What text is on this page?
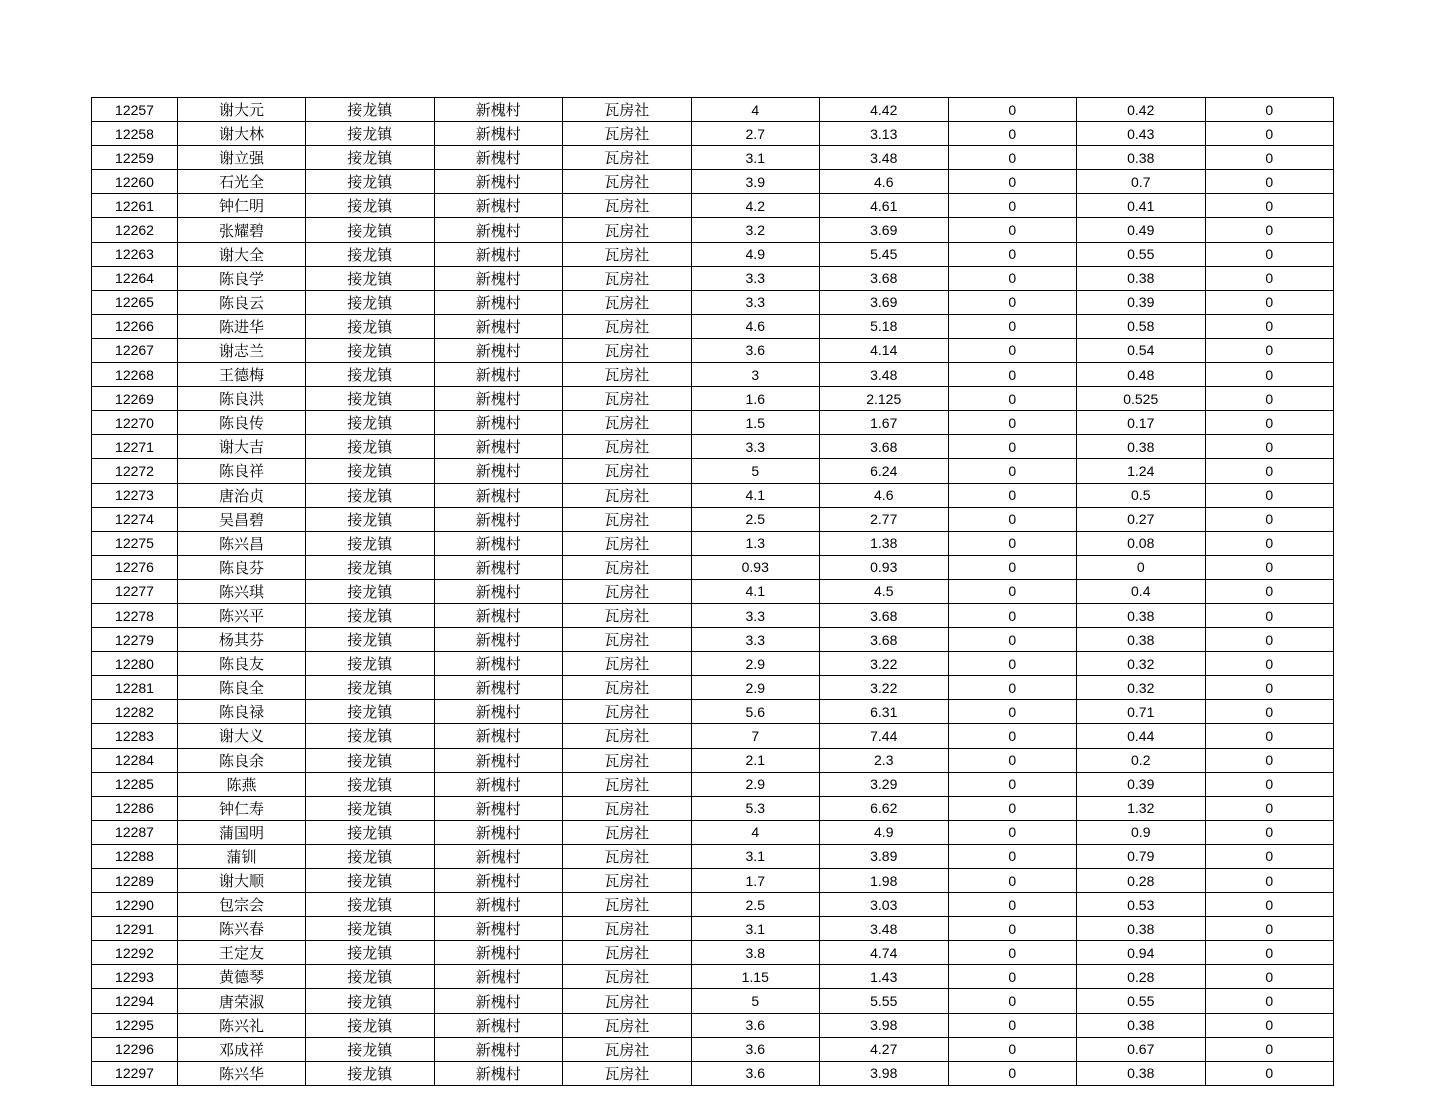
12257	谢大元	接龙镇	新槐村	瓦房社	4	4.42	0	0.42	0
12258	谢大林	接龙镇	新槐村	瓦房社	2.7	3.13	0	0.43	0
12259	谢立强	接龙镇	新槐村	瓦房社	3.1	3.48	0	0.38	0
12260	石光全	接龙镇	新槐村	瓦房社	3.9	4.6	0	0.7	0
12261	钟仁明	接龙镇	新槐村	瓦房社	4.2	4.61	0	0.41	0
12262	张耀碧	接龙镇	新槐村	瓦房社	3.2	3.69	0	0.49	0
12263	谢大全	接龙镇	新槐村	瓦房社	4.9	5.45	0	0.55	0
12264	陈良学	接龙镇	新槐村	瓦房社	3.3	3.68	0	0.38	0
12265	陈良云	接龙镇	新槐村	瓦房社	3.3	3.69	0	0.39	0
12266	陈进华	接龙镇	新槐村	瓦房社	4.6	5.18	0	0.58	0
12267	谢志兰	接龙镇	新槐村	瓦房社	3.6	4.14	0	0.54	0
12268	王德梅	接龙镇	新槐村	瓦房社	3	3.48	0	0.48	0
12269	陈良洪	接龙镇	新槐村	瓦房社	1.6	2.125	0	0.525	0
12270	陈良传	接龙镇	新槐村	瓦房社	1.5	1.67	0	0.17	0
12271	谢大吉	接龙镇	新槐村	瓦房社	3.3	3.68	0	0.38	0
12272	陈良祥	接龙镇	新槐村	瓦房社	5	6.24	0	1.24	0
12273	唐治贞	接龙镇	新槐村	瓦房社	4.1	4.6	0	0.5	0
12274	吴昌碧	接龙镇	新槐村	瓦房社	2.5	2.77	0	0.27	0
12275	陈兴昌	接龙镇	新槐村	瓦房社	1.3	1.38	0	0.08	0
12276	陈良芬	接龙镇	新槐村	瓦房社	0.93	0.93	0	0	0
12277	陈兴琪	接龙镇	新槐村	瓦房社	4.1	4.5	0	0.4	0
12278	陈兴平	接龙镇	新槐村	瓦房社	3.3	3.68	0	0.38	0
12279	杨其芬	接龙镇	新槐村	瓦房社	3.3	3.68	0	0.38	0
12280	陈良友	接龙镇	新槐村	瓦房社	2.9	3.22	0	0.32	0
12281	陈良全	接龙镇	新槐村	瓦房社	2.9	3.22	0	0.32	0
12282	陈良禄	接龙镇	新槐村	瓦房社	5.6	6.31	0	0.71	0
12283	谢大义	接龙镇	新槐村	瓦房社	7	7.44	0	0.44	0
12284	陈良余	接龙镇	新槐村	瓦房社	2.1	2.3	0	0.2	0
12285	陈燕	接龙镇	新槐村	瓦房社	2.9	3.29	0	0.39	0
12286	钟仁寿	接龙镇	新槐村	瓦房社	5.3	6.62	0	1.32	0
12287	蒲国明	接龙镇	新槐村	瓦房社	4	4.9	0	0.9	0
12288	蒲钏	接龙镇	新槐村	瓦房社	3.1	3.89	0	0.79	0
12289	谢大顺	接龙镇	新槐村	瓦房社	1.7	1.98	0	0.28	0
12290	包宗会	接龙镇	新槐村	瓦房社	2.5	3.03	0	0.53	0
12291	陈兴春	接龙镇	新槐村	瓦房社	3.1	3.48	0	0.38	0
12292	王定友	接龙镇	新槐村	瓦房社	3.8	4.74	0	0.94	0
12293	黄德琴	接龙镇	新槐村	瓦房社	1.15	1.43	0	0.28	0
12294	唐荣淑	接龙镇	新槐村	瓦房社	5	5.55	0	0.55	0
12295	陈兴礼	接龙镇	新槐村	瓦房社	3.6	3.98	0	0.38	0
12296	邓成祥	接龙镇	新槐村	瓦房社	3.6	4.27	0	0.67	0
12297	陈兴华	接龙镇	新槐村	瓦房社	3.6	3.98	0	0.38	0
